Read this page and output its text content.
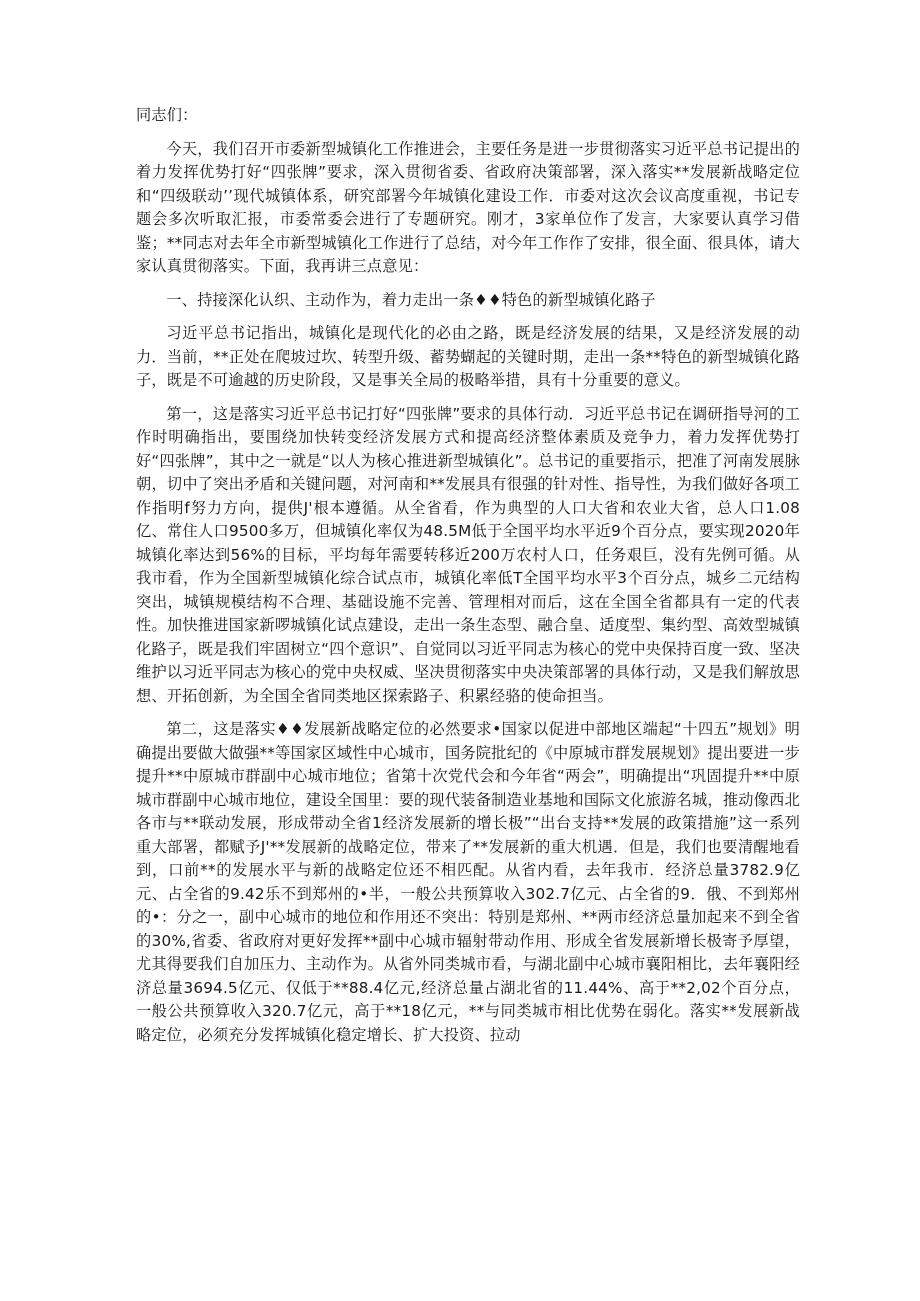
同志们：

今天，我们召开市委新型城镇化工作推进会，主要任务是进一步贯彻落实习近平总书记提出的着力发挥优势打好“四张牌”要求，深入贯彻省委、省政府决策部署，深入落实**发展新战略定位和“四级联动’’现代城镇体系，研究部署今年城镇化建设工作．市委对这次会议高度重视，书记专题会多次听取汇报，市委常委会进行了专题研究。刚才，3家单位作了发言，大家要认真学习借鉴；**同志对去年全市新型城镇化工作进行了总结，对今年工作作了安排，很全面、很具体，请大家认真贯彻落实。下面，我再讲三点意见：

一、持接深化认织、主动作为，着力走出一条♦♦特色的新型城镇化路子

习近平总书记指出，城镇化是现代化的必由之路，既是经济发展的结果，又是经济发展的动力．当前，**正处在爬坡过坎、转型升级、蓄势蝴起的关键时期，走出一条**特色的新型城镇化路子，既是不可逾越的历史阶段，又是事关全局的极略举措，具有十分重要的意义。

第一，这是落实习近平总书记打好“四张牌”要求的具体行动．习近平总书记在调研指导河的工作时明确指出，要围绕加快转变经济发展方式和提高经济整体素质及竞争力，着力发挥优势打好“四张牌”，其中之一就是“以人为核心推进新型城镇化”。总书记的重要指示，把准了河南发展脉朝，切中了突出矛盾和关键问题，对河南和**发展具有很强的针对性、指导性，为我们做好各项工作指明f努力方向，提供J'根本遵循。从全省看，作为典型的人口大省和农业大省，总人口1.08亿、常住人口9500多万，但城镇化率仅为48.5M低于全国平均水平近9个百分点，要实现2020年城镇化率达到56%的目标，平均每年需要转移近200万农村人口，任务艰巨，没有先例可循。从我市看，作为全国新型城镇化综合试点市，城镇化率低T全国平均水平3个百分点，城乡二元结构突出，城镇规模结构不合理、基础设施不完善、管理相对而后，这在全国全省都具有一定的代表性。加快推进国家新啰城镇化试点建设，走出一条生态型、融合皇、适度型、集约型、高效型城镇化路子，既是我们牢固树立“四个意识”、自觉同以习近平同志为核心的党中央保持百度一致、坚决维护以习近平同志为核心的党中央权威、坚决贯彻落实中央决策部署的具体行动，又是我们解放思想、开拓创新，为全国全省同类地区探索路子、积累经骆的使命担当。

第二，这是落实♦♦发展新战略定位的必然要求•国家以促进中部地区端起“十四五”规划》明确提出要做大做强**等国家区域性中心城市，国务院批纪的《中原城市群发展规划》提出要进一步提升**中原城市群副中心城市地位；省第十次党代会和今年省“两会”，明确提出“巩固提升**中原城市群副中心城市地位，建设全国里：要的现代装备制造业基地和国际文化旅游名城，推动像西北各市与**联动发展，形成带动全省1经济发展新的增长极”“出台支持**发展的政策措施”这一系列重大部署，都赋予J'**发展新的战略定位，带来了**发展新的重大机遇．但是，我们也要清醒地看到，口前**的发展水平与新的战略定位还不相匹配。从省内看，去年我市．经济总量3782.9亿元、占全省的9.42乐不到郑州的•半，一般公共预算收入302.7亿元、占全省的9．俄、不到郑州的•：分之一，副中心城市的地位和作用还不突出：特别是郑州、**两市经济总量加起来不到全省的30%,省委、省政府对更好发挥**副中心城市辐射带动作用、形成全省发展新增长极寄予厚望，尤其得要我们自加压力、主动作为。从省外同类城市看，与湖北副中心城市襄阳相比，去年襄阳经济总量3694.5亿元、仅低于**88.4亿元,经济总量占湖北省的11.44%、高于**2,02个百分点，一般公共预算收入320.7亿元，高于**18亿元，**与同类城市相比优势在弱化。落实**发展新战略定位，必须充分发挥城镇化稳定增长、扩大投资、拉动
